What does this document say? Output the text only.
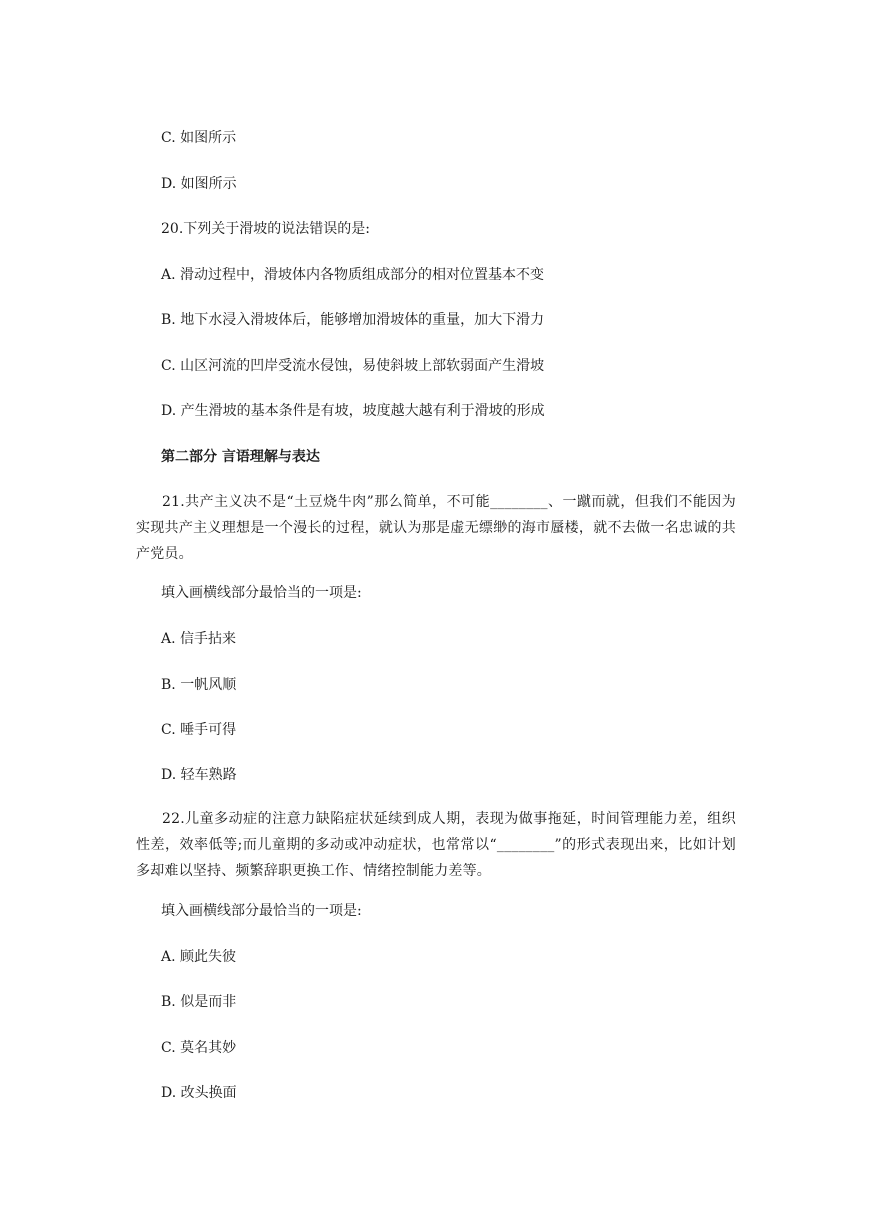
C. 如图所示
D. 如图所示
20.下列关于滑坡的说法错误的是:
A. 滑动过程中，滑坡体内各物质组成部分的相对位置基本不变
B. 地下水浸入滑坡体后，能够增加滑坡体的重量，加大下滑力
C. 山区河流的凹岸受流水侵蚀，易使斜坡上部软弱面产生滑坡
D. 产生滑坡的基本条件是有坡，坡度越大越有利于滑坡的形成
第二部分 言语理解与表达
21.共产主义决不是“土豆烧牛肉”那么简单，不可能________、一蹴而就，但我们不能因为实现共产主义理想是一个漫长的过程，就认为那是虚无缥缈的海市蜃楼，就不去做一名忠诚的共产党员。
填入画横线部分最恰当的一项是:
A. 信手拈来
B. 一帆风顺
C. 唾手可得
D. 轻车熟路
22.儿童多动症的注意力缺陷症状延续到成人期，表现为做事拖延，时间管理能力差，组织性差，效率低等;而儿童期的多动或冲动症状，也常常以“________”的形式表现出来，比如计划多却难以坚持、频繁辞职更换工作、情绪控制能力差等。
填入画横线部分最恰当的一项是:
A. 顾此失彼
B. 似是而非
C. 莫名其妙
D. 改头换面
